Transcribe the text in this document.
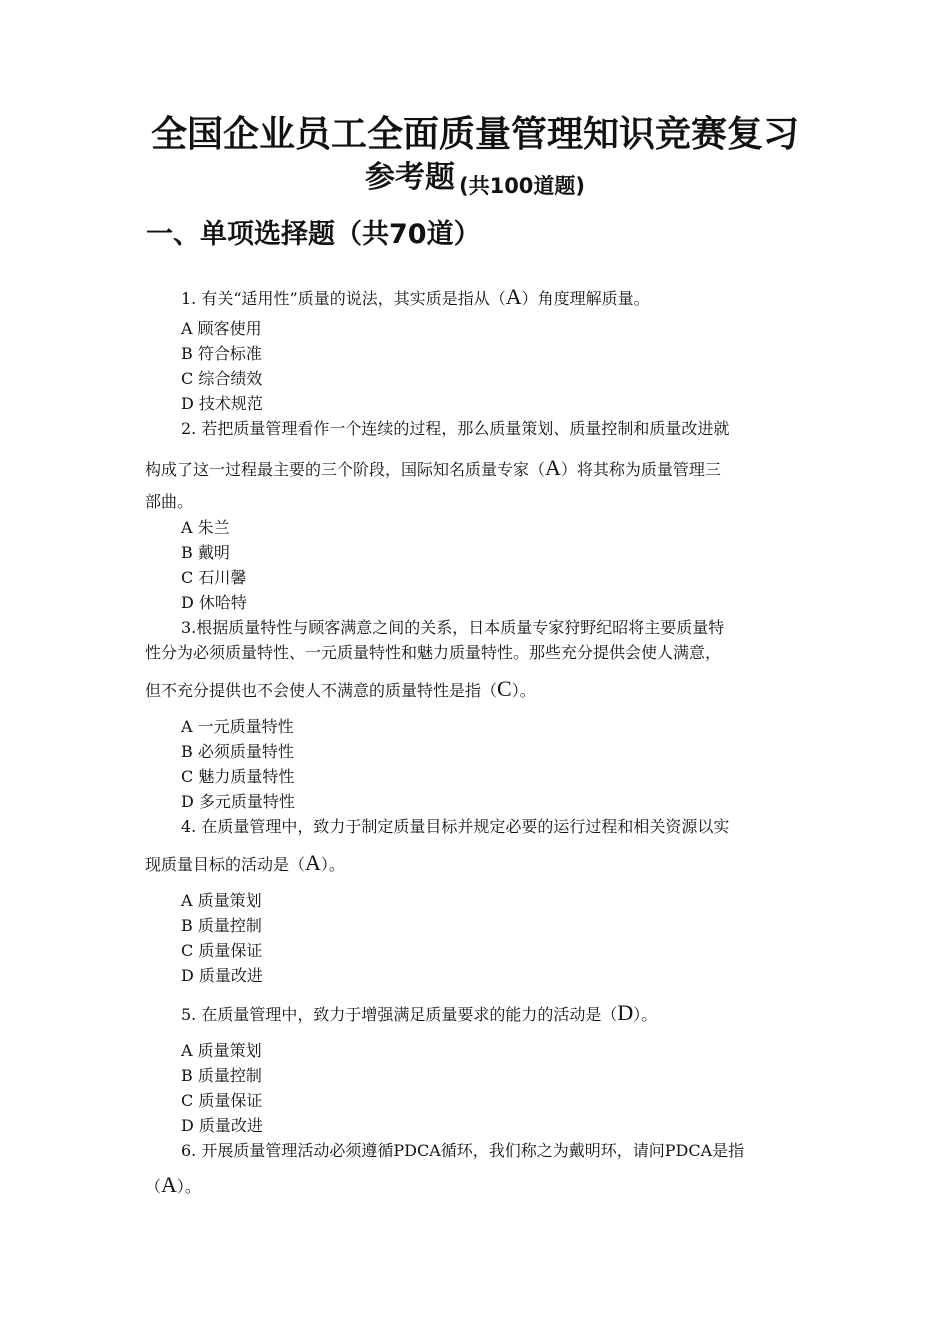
全国企业员工全面质量管理知识竞赛复习
参考题 $_{(共100道题)}$
一、单项选择题（共70道）
1. 有关“适用性”质量的说法，其实质是指从（A）角度理解质量。
A 顾客使用
B 符合标准
C 综合绩效
D 技术规范
2. 若把质量管理看作一个连续的过程，那么质量策划、质量控制和质量改进就
构成了这一过程最主要的三个阶段，国际知名质量专家（A）将其称为质量管理三
部曲。
A 朱兰
B 戴明
C 石川馨
D 休哈特
3.根据质量特性与顾客满意之间的关系，日本质量专家狩野纪昭将主要质量特
性分为必须质量特性、一元质量特性和魅力质量特性。那些充分提供会使人满意，
但不充分提供也不会使人不满意的质量特性是指（C）。
A 一元质量特性
B 必须质量特性
C 魅力质量特性
D 多元质量特性
4. 在质量管理中，致力于制定质量目标并规定必要的运行过程和相关资源以实
现质量目标的活动是（A）。
A 质量策划
B 质量控制
C 质量保证
D 质量改进
5. 在质量管理中，致力于增强满足质量要求的能力的活动是（D）。
A 质量策划
B 质量控制
C 质量保证
D 质量改进
6. 开展质量管理活动必须遵循PDCA循环，我们称之为戴明环，请问PDCA是指
（A）。
